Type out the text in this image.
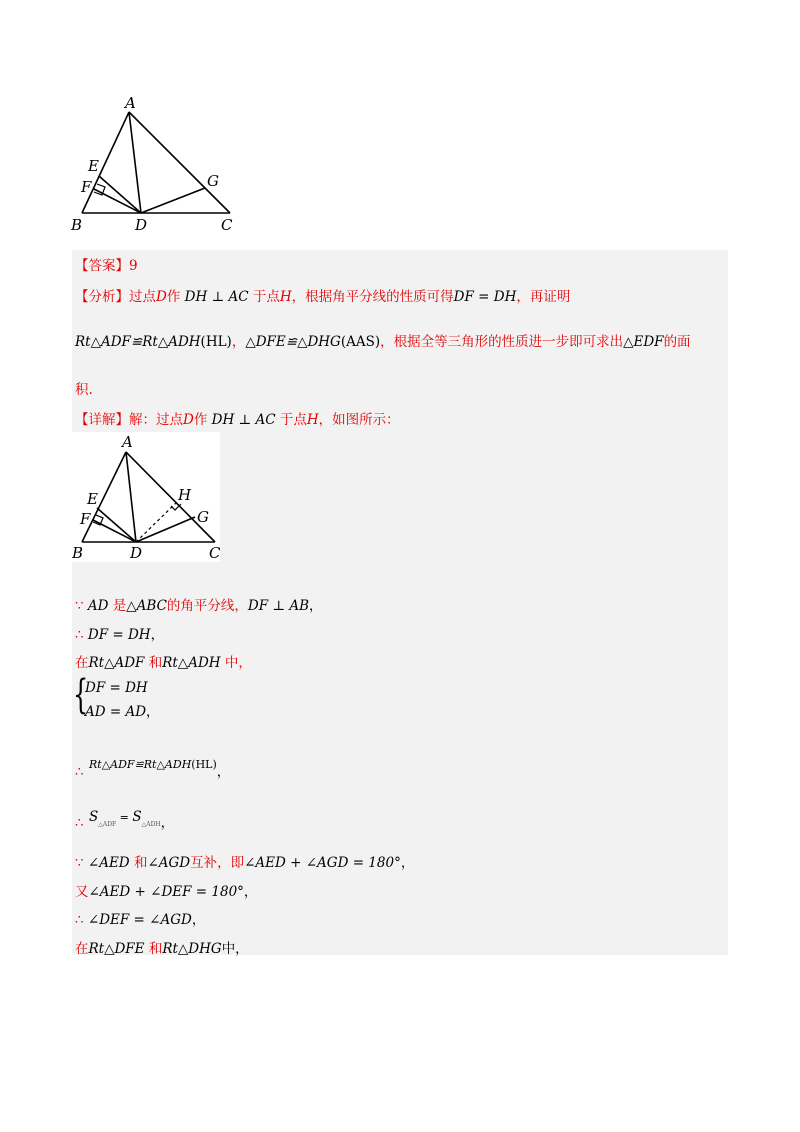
A
B	C
D
E
F	G
【答案】9
【分析】过点D作 DH ⊥ AC 于点H，根据角平分线的性质可得DF = DH，再证明
Rt△ADF≌Rt△ADH(HL)，△DFE≌△DHG(AAS)，根据全等三角形的性质进一步即可求出△EDF的面
积.
【详解】解：过点D作 DH ⊥ AC 于点H，如图所示：
A
B	C
D
E
F
H
G
∵ AD 是△ABC的角平分线，DF ⊥ AB，
∴ DF = DH，
在Rt△ADF 和Rt△ADH 中，
{
DF = DH
AD = AD，
Rt△ADF≌Rt△ADH(HL)，
∴
$S_{\triangle ADF} = S_{\triangle ADH}$，
∴
∵ ∠AED 和∠AGD互补，即∠AED + ∠AGD = 180°，
又∠AED + ∠DEF = 180°，
∴ ∠DEF = ∠AGD，
在Rt△DFE 和Rt△DHG中，
